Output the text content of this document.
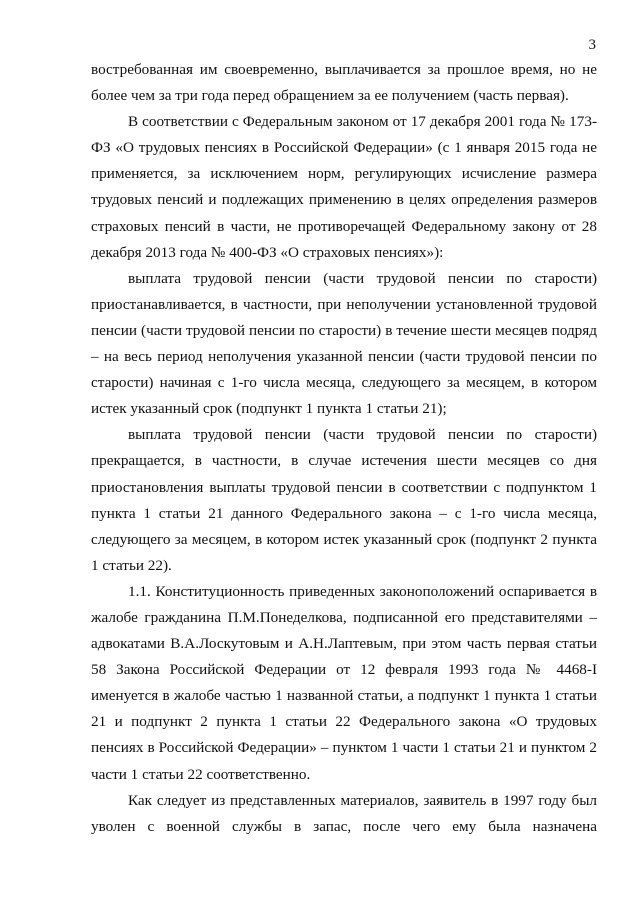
3

востребованная им своевременно, выплачивается за прошлое время, но не более чем за три года перед обращением за ее получением (часть первая).

В соответствии с Федеральным законом от 17 декабря 2001 года № 173-ФЗ «О трудовых пенсиях в Российской Федерации» (с 1 января 2015 года не применяется, за исключением норм, регулирующих исчисление размера трудовых пенсий и подлежащих применению в целях определения размеров страховых пенсий в части, не противоречащей Федеральному закону от 28 декабря 2013 года № 400-ФЗ «О страховых пенсиях»):

выплата трудовой пенсии (части трудовой пенсии по старости) приостанавливается, в частности, при неполучении установленной трудовой пенсии (части трудовой пенсии по старости) в течение шести месяцев подряд – на весь период неполучения указанной пенсии (части трудовой пенсии по старости) начиная с 1-го числа месяца, следующего за месяцем, в котором истек указанный срок (подпункт 1 пункта 1 статьи 21);

выплата трудовой пенсии (части трудовой пенсии по старости) прекращается, в частности, в случае истечения шести месяцев со дня приостановления выплаты трудовой пенсии в соответствии с подпунктом 1 пункта 1 статьи 21 данного Федерального закона – с 1-го числа месяца, следующего за месяцем, в котором истек указанный срок (подпункт 2 пункта 1 статьи 22).

1.1. Конституционность приведенных законоположений оспаривается в жалобе гражданина П.М.Понеделкова, подписанной его представителями – адвокатами В.А.Лоскутовым и А.Н.Лаптевым, при этом часть первая статьи 58 Закона Российской Федерации от 12 февраля 1993 года № 4468-I именуется в жалобе частью 1 названной статьи, а подпункт 1 пункта 1 статьи 21 и подпункт 2 пункта 1 статьи 22 Федерального закона «О трудовых пенсиях в Российской Федерации» – пунктом 1 части 1 статьи 21 и пунктом 2 части 1 статьи 22 соответственно.

Как следует из представленных материалов, заявитель в 1997 году был уволен с военной службы в запас, после чего ему была назначена
